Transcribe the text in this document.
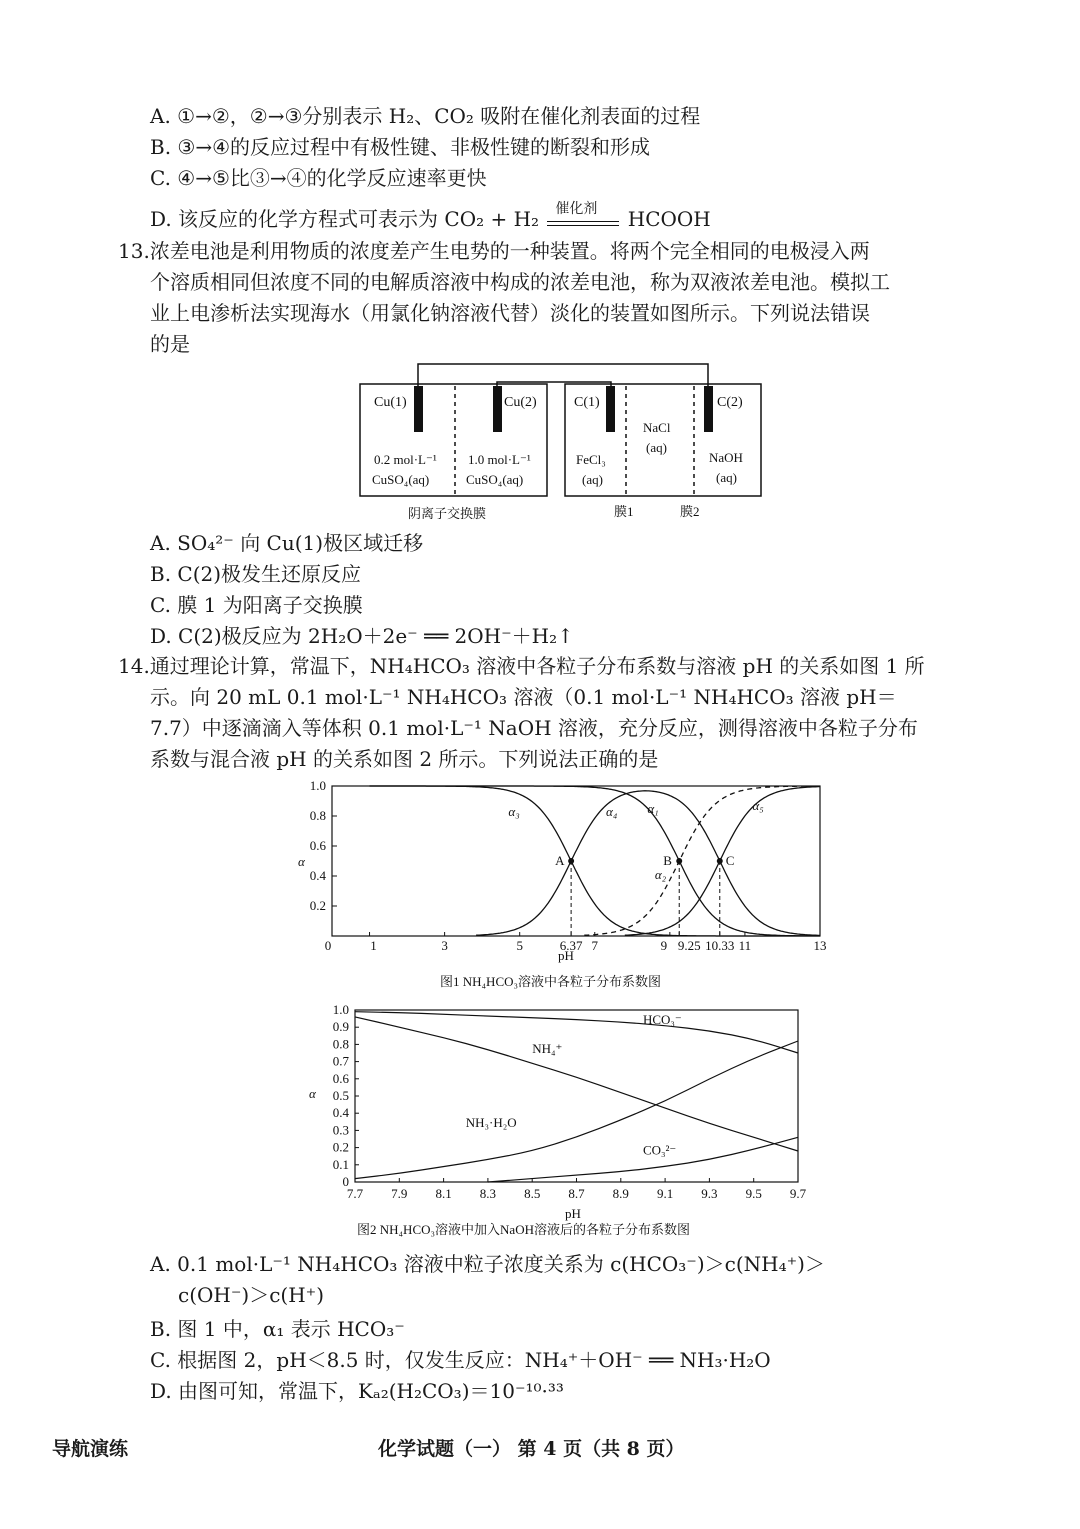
A. ①→②，②→③分别表示 H₂、CO₂ 吸附在催化剂表面的过程
B. ③→④的反应过程中有极性键、非极性键的断裂和形成
C. ④→⑤比③→④的化学反应速率更快
D. 该反应的化学方程式可表示为 CO₂ + H₂ 催化剂 HCOOH
13.浓差电池是利用物质的浓度差产生电势的一种装置。将两个完全相同的电极浸入两
个溶质相同但浓度不同的电解质溶液中构成的浓差电池，称为双液浓差电池。模拟工
业上电渗析法实现海水（用氯化钠溶液代替）淡化的装置如图所示。下列说法错误
的是
Cu(1)	Cu(2)	C(1)	C(2)
0.2 mol·L⁻¹
CuSO₄(aq)
1.0 mol·L⁻¹
CuSO₄(aq)
FeCl₃
(aq)
NaCl
(aq)
NaOH
(aq)
阴离子交换膜	膜1	膜2
A. SO₄²⁻ 向 Cu(1)极区域迁移
B. C(2)极发生还原反应
C. 膜 1 为阳离子交换膜
D. C(2)极反应为 2H₂O＋2e⁻ ══ 2OH⁻＋H₂↑
14.通过理论计算，常温下，NH₄HCO₃ 溶液中各粒子分布系数与溶液 pH 的关系如图 1 所
示。向 20 mL 0.1 mol·L⁻¹ NH₄HCO₃ 溶液（0.1 mol·L⁻¹ NH₄HCO₃ 溶液 pH＝
7.7）中逐滴滴入等体积 0.1 mol·L⁻¹ NaOH 溶液，充分反应，测得溶液中各粒子分布
系数与混合液 pH 的关系如图 2 所示。下列说法正确的是
α
pH
图1 NH₄HCO₃溶液中各粒子分布系数图
0.2
0.4
0.6
0.8
1.0
0	1	3	5	6.37 7	9 9.25 10.33 11	13
α₃	α₄ α₁
α₂
α₅
A	B	C
α
pH
图2 NH₄HCO₃溶液中加入NaOH溶液后的各粒子分布系数图
0
0.1
0.2
0.3
0.4
0.5
0.6
0.7
0.8
0.9
1.0
7.7 7.9 8.1 8.3 8.5 8.7 8.9 9.1 9.3 9.5 9.7
HCO₃⁻
NH₄⁺
NH₃·H₂O
CO₃²⁻
A. 0.1 mol·L⁻¹ NH₄HCO₃ 溶液中粒子浓度关系为 c(HCO₃⁻)＞c(NH₄⁺)＞
c(OH⁻)＞c(H⁺)
B. 图 1 中，α₁ 表示 HCO₃⁻
C. 根据图 2，pH＜8.5 时，仅发生反应：NH₄⁺＋OH⁻ ══ NH₃·H₂O
D. 由图可知，常温下，Kₐ₂(H₂CO₃)＝10⁻¹⁰·³³
导航演练	化学试题（一） 第 4 页（共 8 页）
